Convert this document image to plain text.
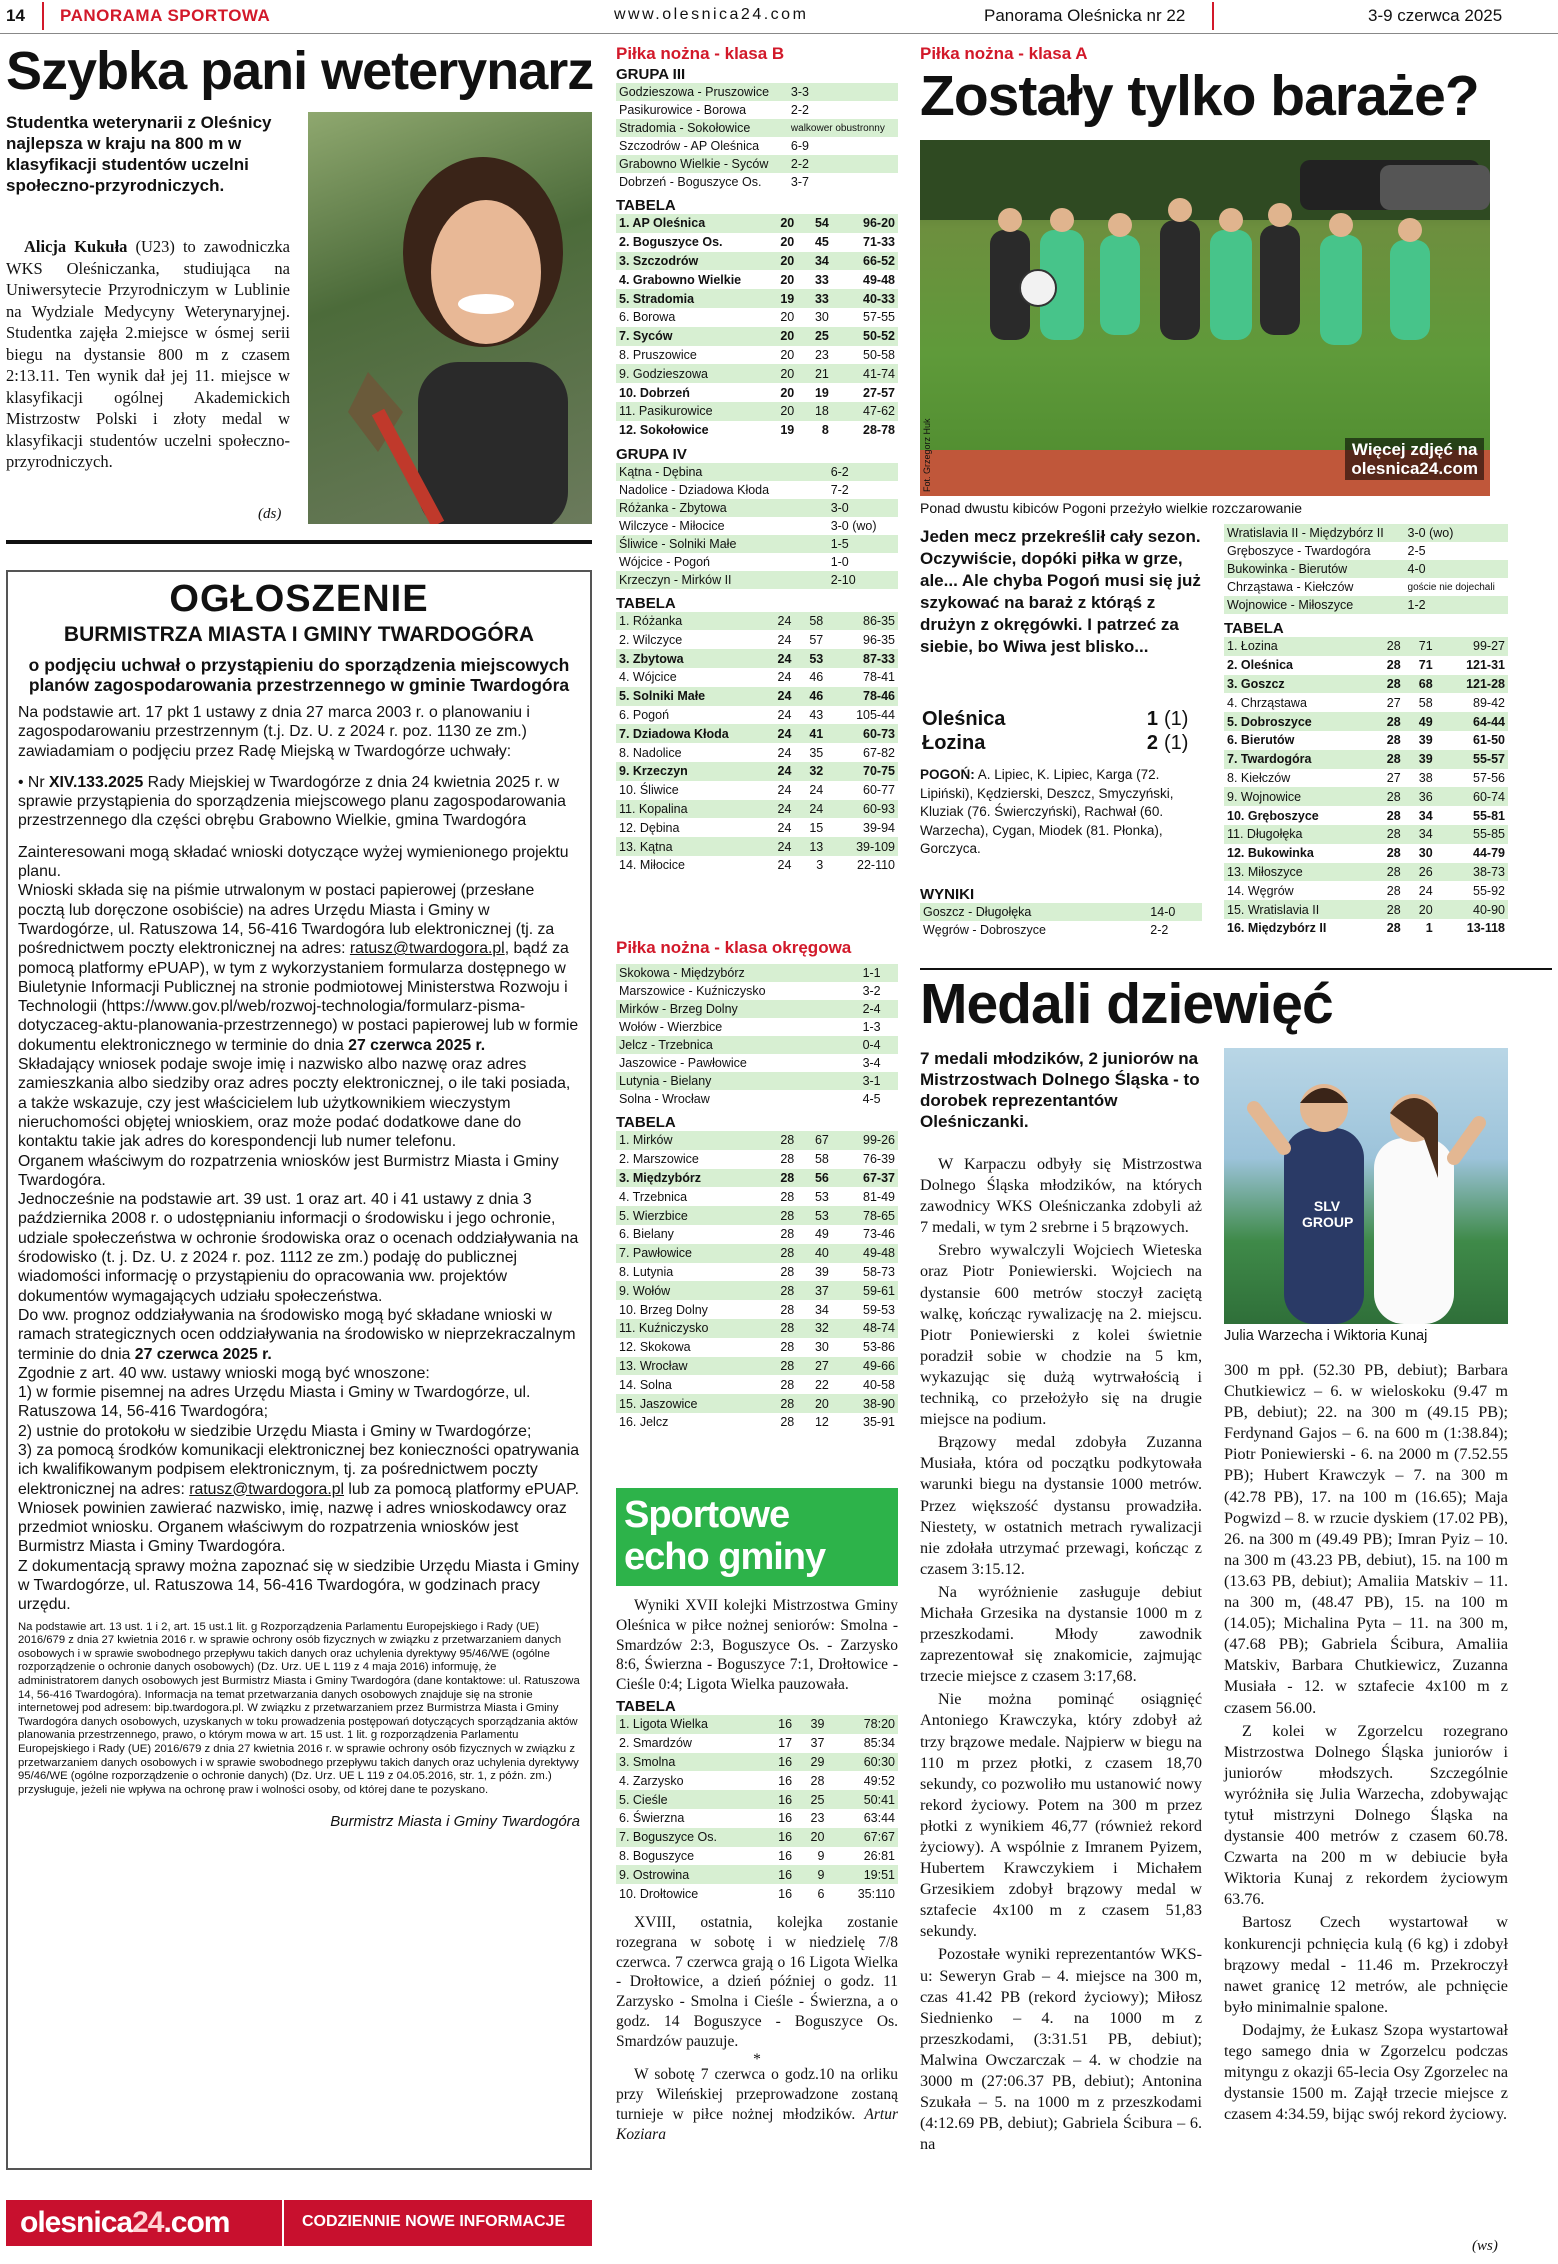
14 PANORAMA SPORTOWA	www.olesnica24.com	Panorama Oleśnicka nr 22	3-9 czerwca 2025
Szybka pani weterynarz
Studentka weterynarii z Oleśnicy najlepsza w kraju na 800 m w klasyfikacji studentów uczelni społeczno-przyrodniczych.

Alicja Kukuła (U23) to zawodniczka WKS Oleśniczanka, studiująca na Uniwersytecie Przyrodniczym w Lublinie na Wydziale Medycyny Weterynaryjnej. Studentka zajęła 2.miejsce w ósmej serii biegu na dystansie 800 m z czasem 2:13.11. Ten wynik dał jej 11. miejsce w klasyfikacji ogólnej Akademickich Mistrzostw Polski i złoty medal w klasyfikacji studentów uczelni społeczno-przyrodniczych.

(ds)
OGŁOSZENIE
BURMISTRZA MIASTA I GMINY TWARDOGÓRA
o podjęciu uchwał o przystąpieniu do sporządzenia miejscowych planów zagospodarowania przestrzennego w gminie Twardogóra

Na podstawie art. 17 pkt 1 ustawy z dnia 27 marca 2003 r. o planowaniu i zagospodarowaniu przestrzennym (t.j. Dz. U. z 2024 r. poz. 1130 ze zm.) zawiadamiam o podjęciu przez Radę Miejską w Twardogórze uchwały:

• Nr XIV.133.2025 Rady Miejskiej w Twardogórze z dnia 24 kwietnia 2025 r. w sprawie przystąpienia do sporządzenia miejscowego planu zagospodarowania przestrzennego dla części obrębu Grabowno Wielkie, gmina Twardogóra

Zainteresowani mogą składać wnioski dotyczące wyżej wymienionego projektu planu.

Wnioski składa się na piśmie utrwalonym w postaci papierowej (przesłane pocztą lub doręczone osobiście) na adres Urzędu Miasta i Gminy w Twardogórze, ul. Ratuszowa 14, 56-416 Twardogóra lub elektronicznej (tj. za pośrednictwem poczty elektronicznej na adres: ratusz@twardogora.pl, bądź za pomocą platformy ePUAP), w tym z wykorzystaniem formularza dostępnego w Biuletynie Informacji Publicznej na stronie podmiotowej Ministerstwa Rozwoju i Technologii (https://www.gov.pl/web/rozwoj-technologia/formularz-pisma-dotyczaceg-aktu-planowania-przestrzennego) w postaci papierowej lub w formie dokumentu elektronicznego w terminie do dnia 27 czerwca 2025 r.

Składający wniosek podaje swoje imię i nazwisko albo nazwę oraz adres zamieszkania albo siedziby oraz adres poczty elektronicznej, o ile taki posiada, a także wskazuje, czy jest właścicielem lub użytkownikiem wieczystym nieruchomości objętej wnioskiem, oraz może podać dodatkowe dane do kontaktu takie jak adres do korespondencji lub numer telefonu.

Organem właściwym do rozpatrzenia wniosków jest Burmistrz Miasta i Gminy Twardogóra.

Jednocześnie na podstawie art. 39 ust. 1 oraz art. 40 i 41 ustawy z dnia 3 października 2008 r. o udostępnianiu informacji o środowisku i jego ochronie, udziale społeczeństwa w ochronie środowiska oraz o ocenach oddziaływania na środowisko (t. j. Dz. U. z 2024 r. poz. 1112 ze zm.) podaję do publicznej wiadomości informację o przystąpieniu do opracowania ww. projektów dokumentów wymagających udziału społeczeństwa.

Do ww. prognoz oddziaływania na środowisko mogą być składane wnioski w ramach strategicznych ocen oddziaływania na środowisko w nieprzekraczalnym terminie do dnia 27 czerwca 2025 r.

Zgodnie z art. 40 ww. ustawy wnioski mogą być wnoszone:

1) w formie pisemnej na adres Urzędu Miasta i Gminy w Twardogórze, ul. Ratuszowa 14, 56-416 Twardogóra;

2) ustnie do protokołu w siedzibie Urzędu Miasta i Gminy w Twardogórze;

3) za pomocą środków komunikacji elektronicznej bez konieczności opatrywania ich kwalifikowanym podpisem elektronicznym, tj. za pośrednictwem poczty elektronicznej na adres: ratusz@twardogora.pl lub za pomocą platformy ePUAP.

Wniosek powinien zawierać nazwisko, imię, nazwę i adres wnioskodawcy oraz przedmiot wniosku. Organem właściwym do rozpatrzenia wniosków jest Burmistrz Miasta i Gminy Twardogóra.

Z dokumentacją sprawy można zapoznać się w siedzibie Urzędu Miasta i Gminy w Twardogórze, ul. Ratuszowa 14, 56-416 Twardogóra, w godzinach pracy urzędu.

Na podstawie art. 13 ust. 1 i 2, art. 15 ust.1 lit. g Rozporządzenia Parlamentu Europejskiego i Rady (UE) 2016/679 z dnia 27 kwietnia 2016 r. w sprawie ochrony osób fizycznych w związku z przetwarzaniem danych osobowych i w sprawie swobodnego przepływu takich danych oraz uchylenia dyrektywy 95/46/WE (ogólne rozporządzenie o ochronie danych osobowych) (Dz. Urz. UE L 119 z 4 maja 2016) informuję, że administratorem danych osobowych jest Burmistrz Miasta i Gminy Twardogóra (dane kontaktowe: ul. Ratuszowa 14, 56-416 Twardogóra). Informacja na temat przetwarzania danych osobowych znajduje się na stronie internetowej pod adresem: bip.twardogora.pl. W związku z przetwarzaniem przez Burmistrza Miasta i Gminy Twardogóra danych osobowych, uzyskanych w toku prowadzenia postępowań dotyczących sporządzania aktów planowania przestrzennego, prawo, o którym mowa w art. 15 ust. 1 lit. g rozporządzenia Parlamentu Europejskiego i Rady (UE) 2016/679 z dnia 27 kwietnia 2016 r. w sprawie ochrony osób fizycznych w związku z przetwarzaniem danych osobowych i w sprawie swobodnego przepływu takich danych oraz uchylenia dyrektywy 95/46/WE (ogólne rozporządzenie o ochronie danych) (Dz. Urz. UE L 119 z 04.05.2016, str. 1, z późn. zm.) przysługuje, jeżeli nie wpływa na ochronę praw i wolności osoby, od której dane te pozyskano.
Burmistrz Miasta i Gminy Twardogóra
olesnica24.com	CODZIENNIE NOWE INFORMACJE
Piłka nożna - klasa B
GRUPA III
Godzieszowa - Pruszowice	3-3
Pasikurowice - Borowa	2-2
Stradomia - Sokołowice	walkower obustronny
Szczodrów - AP Oleśnica	6-9
Grabowno Wielkie - Syców	2-2
Dobrzeń - Boguszyce Os.	3-7
TABELA
1. AP Oleśnica	20	54	96-20
2. Boguszyce Os.	20	45	71-33
3. Szczodrów	20	34	66-52
4. Grabowno Wielkie	20	33	49-48
5. Stradomia	19	33	40-33
6. Borowa	20	30	57-55
7. Syców	20	25	50-52
8. Pruszowice	20	23	50-58
9. Godzieszowa	20	21	41-74
10. Dobrzeń	20	19	27-57
11. Pasikurowice	20	18	47-62
12. Sokołowice	19	8	28-78
GRUPA IV
Kątna - Dębina	6-2
Nadolice - Dziadowa Kłoda	7-2
Różanka - Zbytowa	3-0
Wilczyce - Miłocice	3-0 (wo)
Śliwice - Solniki Małe	1-5
Wójcice - Pogoń	1-0
Krzeczyn - Mirków II	2-10
TABELA
1. Różanka	24	58	86-35
2. Wilczyce	24	57	96-35
3. Zbytowa	24	53	87-33
4. Wójcice	24	46	78-41
5. Solniki Małe	24	46	78-46
6. Pogoń	24	43	105-44
7. Dziadowa Kłoda	24	41	60-73
8. Nadolice	24	35	67-82
9. Krzeczyn	24	32	70-75
10. Śliwice	24	24	60-77
11. Kopalina	24	24	60-93
12. Dębina	24	15	39-94
13. Kątna	24	13	39-109
14. Miłocice	24	3	22-110
Piłka nożna - klasa okręgowa
Skokowa - Międzybórz	1-1
Marszowice - Kuźniczysko	3-2
Mirków - Brzeg Dolny	2-4
Wołów - Wierzbice	1-3
Jelcz - Trzebnica	0-4
Jaszowice - Pawłowice	3-4
Lutynia - Bielany	3-1
Solna - Wrocław	4-5
TABELA
1. Mirków	28	67	99-26
2. Marszowice	28	58	76-39
3. Międzybórz	28	56	67-37
4. Trzebnica	28	53	81-49
5. Wierzbice	28	53	78-65
6. Bielany	28	49	73-46
7. Pawłowice	28	40	49-48
8. Lutynia	28	39	58-73
9. Wołów	28	37	59-61
10. Brzeg Dolny	28	34	59-53
11. Kuźniczysko	28	32	48-74
12. Skokowa	28	30	53-86
13. Wrocław	28	27	49-66
14. Solna	28	22	40-58
15. Jaszowice	28	20	38-90
16. Jelcz	28	12	35-91
Sportowe
echo gminy

Wyniki XVII kolejki Mistrzostwa Gminy Oleśnica w piłce nożnej seniorów: Smolna - Smardzów 2:3, Boguszyce Os. - Zarzysko 8:6, Świerzna - Boguszyce 7:1, Drołtowice - Cieśle 0:4; Ligota Wielka pauzowała.

TABELA
1. Ligota Wielka	16	39	78:20
2. Smardzów	17	37	85:34
3. Smolna	16	29	60:30
4. Zarzysko	16	28	49:52
5. Cieśle	16	25	50:41
6. Świerzna	16	23	63:44
7. Boguszyce Os.	16	20	67:67
8. Boguszyce	16	9	26:81
9. Ostrowina	16	9	19:51
10. Drołtowice	16	6	35:110

XVIII, ostatnia, kolejka zostanie rozegrana w sobotę i w niedzielę 7/8 czerwca. 7 czerwca grają o 16 Ligota Wielka - Drołtowice, a dzień później o godz. 11 Zarzysko - Smolna i Cieśle - Świerzna, a o godz. 14 Boguszyce - Boguszyce Os. Smardzów pauzuje.

*

W sobotę 7 czerwca o godz.10 na orliku przy Wileńskiej przeprowadzone zostaną turnieje w piłce nożnej młodzików. Artur Koziara

Piłka nożna - klasa A
Zostały tylko baraże?
Więcej zdjęć na
olesnica24.com
Fot. Grzegorz Huk
Ponad dwustu kibiców Pogoni przeżyło wielkie rozczarowanie
Jeden mecz przekreślił cały sezon. Oczywiście, dopóki piłka w grze, ale... Ale chyba Pogoń musi się już szykować na baraż z którąś z drużyn z okręgówki. I patrzeć za siebie, bo Wiwa jest blisko...
Oleśnica	1	(1)
Łozina	2	(1)
POGOŃ: A. Lipiec, K. Lipiec, Karga (72. Lipiński), Kędzierski, Deszcz, Smyczyński, Kluziak (76. Świerczyński), Rachwał (60. Warzecha), Cygan, Miodek (81. Płonka), Gorczyca.
WYNIKI
Goszcz - Długołęka	14-0
Węgrów - Dobroszyce	2-2
Wratislavia II - Międzybórz II	3-0 (wo)
Gręboszyce - Twardogóra	2-5
Bukowinka - Bierutów	4-0
Chrząstawa - Kiełczów	goście nie dojechali
Wojnowice - Miłoszyce	1-2
TABELA
1. Łozina	28	71	99-27
2. Oleśnica	28	71	121-31
3. Goszcz	28	68	121-28
4. Chrząstawa	27	58	89-42
5. Dobroszyce	28	49	64-44
6. Bierutów	28	39	61-50
7. Twardogóra	28	39	55-57
8. Kiełczów	27	38	57-56
9. Wojnowice	28	36	60-74
10. Gręboszyce	28	34	55-81
11. Długołęka	28	34	55-85
12. Bukowinka	28	30	44-79
13. Miłoszyce	28	26	38-73
14. Węgrów	28	24	55-92
15. Wratislavia II	28	20	40-90
16. Międzybórz II	28	1	13-118
Medali dziewięć
7 medali młodzików, 2 juniorów na Mistrzostwach Dolnego Śląska - to dorobek reprezentantów Oleśniczanki.
SLV GROUP
Julia Warzecha i Wiktoria Kunaj

W Karpaczu odbyły się Mistrzostwa Dolnego Śląska młodzików, na których zawodnicy WKS Oleśniczanka zdobyli aż 7 medali, w tym 2 srebrne i 5 brązowych.

Srebro wywalczyli Wojciech Wieteska oraz Piotr Poniewierski. Wojciech na dystansie 600 metrów stoczył zaciętą walkę, kończąc rywalizację na 2. miejscu. Piotr Poniewierski z kolei świetnie poradził sobie w chodzie na 5 km, wykazując się dużą wytrwałością i techniką, co przełożyło się na drugie miejsce na podium.

Brązowy medal zdobyła Zuzanna Musiała, która od początku podkytowała warunki biegu na dystansie 1000 metrów. Przez większość dystansu prowadziła. Niestety, w ostatnich metrach rywalizacji nie zdołała utrzymać przewagi, kończąc z czasem 3:15.12.

Na wyróżnienie zasługuje debiut Michała Grzesika na dystansie 1000 m z przeszkodami. Młody zawodnik zaprezentował się znakomicie, zajmując trzecie miejsce z czasem 3:17,68.

Nie można pominąć osiągnięć Antoniego Krawczyka, który zdobył aż trzy brązowe medale. Najpierw w biegu na 110 m przez płotki, z czasem 18,70 sekundy, co pozwoliło mu ustanowić nowy rekord życiowy. Potem na 300 m przez płotki z wynikiem 46,77 (również rekord życiowy). A wspólnie z Imranem Pyizem, Hubertem Krawczykiem i Michałem Grzesikiem zdobył brązowy medal w sztafecie 4x100 m z czasem 51,83 sekundy.

Pozostałe wyniki reprezentantów WKS-u: Seweryn Grab – 4. miejsce na 300 m, czas 41.42 PB (rekord życiowy); Miłosz Siednienko – 4. na 1000 m z przeszkodami, (3:31.51 PB, debiut); Malwina Owczarczak – 4. w chodzie na 3000 m (27:06.37 PB, debiut); Antonina Szukała – 5. na 1000 m z przeszkodami (4:12.69 PB, debiut); Gabriela Ścibura – 6. na

300 m ppł. (52.30 PB, debiut); Barbara Chutkiewicz – 6. w wieloskoku (9.47 m PB, debiut); 22. na 300 m (49.15 PB); Ferdynand Gajos – 6. na 600 m (1:38.84); Piotr Poniewierski - 6. na 2000 m (7.52.55 PB); Hubert Krawczyk – 7. na 300 m (42.78 PB), 17. na 100 m (16.65); Maja Pogwizd – 8. w rzucie dyskiem (17.02 PB), 26. na 300 m (49.49 PB); Imran Pyiz – 10. na 300 m (43.23 PB, debiut), 15. na 100 m (13.63 PB, debiut); Amaliia Matskiv – 11. na 300 m, (48.47 PB), 15. na 100 m (14.05); Michalina Pyta – 11. na 300 m, (47.68 PB); Gabriela Ścibura, Amaliia Matskiv, Barbara Chutkiewicz, Zuzanna Musiała - 12. w sztafecie 4x100 m z czasem 56.00.

Z kolei w Zgorzelcu rozegrano Mistrzostwa Dolnego Śląska juniorów i juniorów młodszych. Szczególnie wyróżniła się Julia Warzecha, zdobywając tytuł mistrzyni Dolnego Śląska na dystansie 400 metrów z czasem 60.78. Czwarta na 200 m w debiucie była Wiktoria Kunaj z rekordem życiowym 63.76.

Bartosz Czech wystartował w konkurencji pchnięcia kulą (6 kg) i zdobył brązowy medal - 11.46 m. Przekroczył nawet granicę 12 metrów, ale pchnięcie było minimalnie spalone.

Dodajmy, że Łukasz Szopa wystartował tego samego dnia w Zgorzelcu podczas mityngu z okazji 65-lecia Osy Zgorzelec na dystansie 1500 m. Zajął trzecie miejsce z czasem 4:34.59, bijąc swój rekord życiowy.

(ws)
